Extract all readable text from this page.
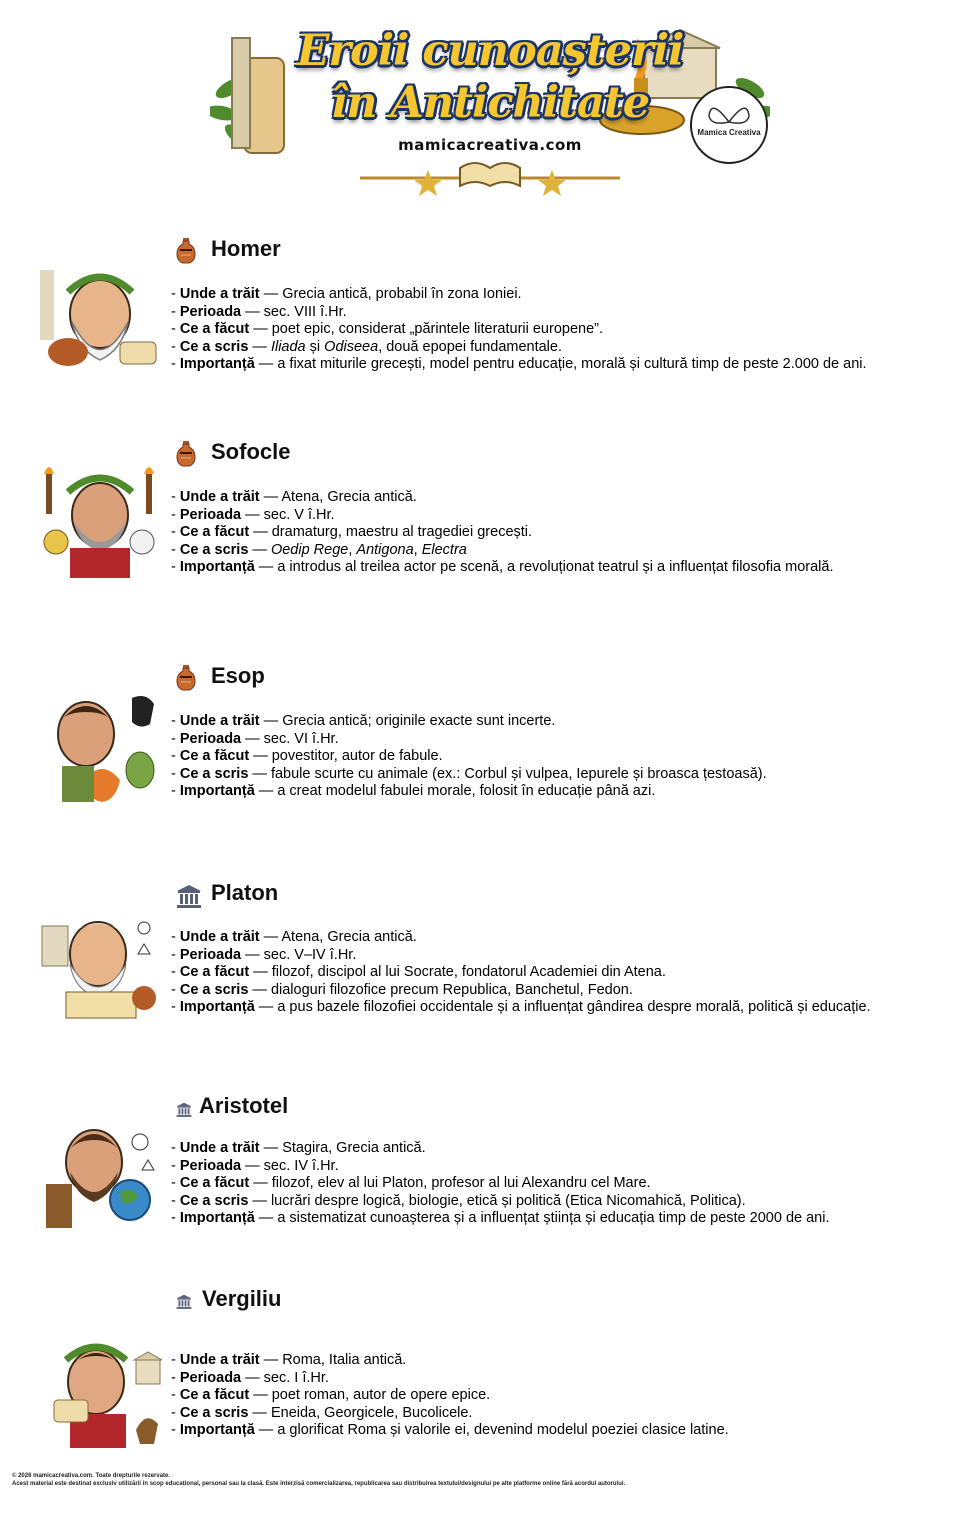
Eroii cunoașterii
în Antichitate
mamicacreativa.com
Mamica Creativa
Homer
- Unde a trăit — Grecia antică, probabil în zona Ioniei.
- Perioada — sec. VIII î.Hr.
- Ce a făcut — poet epic, considerat „părintele literaturii europene”.
- Ce a scris — Iliada și Odiseea, două epopei fundamentale.
- Importanță — a fixat miturile grecești, model pentru educație, morală și cultură timp de peste 2.000 de ani.
Sofocle
- Unde a trăit — Atena, Grecia antică.
- Perioada — sec. V î.Hr.
- Ce a făcut — dramaturg, maestru al tragediei grecești.
- Ce a scris — Oedip Rege, Antigona, Electra
- Importanță — a introdus al treilea actor pe scenă, a revoluționat teatrul și a influențat filosofia morală.
Esop
- Unde a trăit — Grecia antică; originile exacte sunt incerte.
- Perioada — sec. VI î.Hr.
- Ce a făcut — povestitor, autor de fabule.
- Ce a scris — fabule scurte cu animale (ex.: Corbul și vulpea, Iepurele și broasca țestoasă).
- Importanță — a creat modelul fabulei morale, folosit în educație până azi.
Platon
- Unde a trăit — Atena, Grecia antică.
- Perioada — sec. V–IV î.Hr.
- Ce a făcut — filozof, discipol al lui Socrate, fondatorul Academiei din Atena.
- Ce a scris — dialoguri filozofice precum Republica, Banchetul, Fedon.
- Importanță — a pus bazele filozofiei occidentale și a influențat gândirea despre morală, politică și educație.
Aristotel
- Unde a trăit — Stagira, Grecia antică.
- Perioada — sec. IV î.Hr.
- Ce a făcut — filozof, elev al lui Platon, profesor al lui Alexandru cel Mare.
- Ce a scris — lucrări despre logică, biologie, etică și politică (Etica Nicomahică, Politica).
- Importanță — a sistematizat cunoașterea și a influențat știința și educația timp de peste 2000 de ani.
Vergiliu
- Unde a trăit — Roma, Italia antică.
- Perioada — sec. I î.Hr.
- Ce a făcut — poet roman, autor de opere epice.
- Ce a scris — Eneida, Georgicele, Bucolicele.
- Importanță — a glorificat Roma și valorile ei, devenind modelul poeziei clasice latine.
© 2026 mamicacreativa.com. Toate drepturile rezervate.
Acest material este destinat exclusiv utilizării în scop educațional, personal sau la clasă. Este interzisă comercializarea, republicarea sau distribuirea textului/designului pe alte platforme online fără acordul autorului.
